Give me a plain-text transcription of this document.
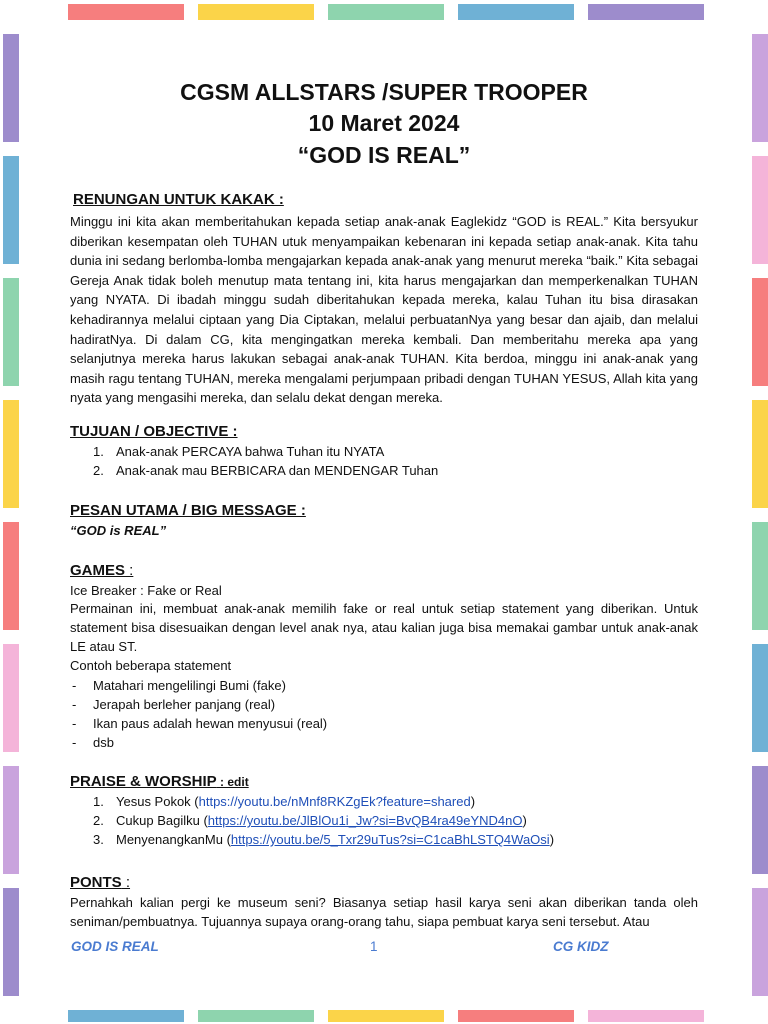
CGSM ALLSTARS /SUPER TROOPER
10 Maret 2024
“GOD IS REAL”
RENUNGAN UNTUK KAKAK :
Minggu ini kita akan memberitahukan kepada setiap anak-anak Eaglekidz “GOD is REAL.” Kita bersyukur diberikan kesempatan oleh TUHAN utuk menyampaikan kebenaran ini kepada setiap anak-anak. Kita tahu dunia ini sedang berlomba-lomba mengajarkan kepada anak-anak yang menurut mereka “baik.” Kita sebagai Gereja Anak tidak boleh menutup mata tentang ini, kita harus mengajarkan dan memperkenalkan TUHAN yang NYATA. Di ibadah minggu sudah diberitahukan kepada mereka, kalau Tuhan itu bisa dirasakan kehadirannya melalui ciptaan yang Dia Ciptakan, melalui perbuatanNya yang besar dan ajaib, dan melalui hadiratNya. Di dalam CG, kita mengingatkan mereka kembali. Dan memberitahu mereka apa yang selanjutnya mereka harus lakukan sebagai anak-anak TUHAN. Kita berdoa, minggu ini anak-anak yang masih ragu tentang TUHAN, mereka mengalami perjumpaan pribadi dengan TUHAN YESUS, Allah kita yang nyata yang mengasihi mereka, dan selalu dekat dengan mereka.
TUJUAN / OBJECTIVE :
1. Anak-anak PERCAYA bahwa Tuhan itu NYATA
2. Anak-anak mau BERBICARA dan MENDENGAR Tuhan
PESAN UTAMA / BIG MESSAGE :
“GOD is REAL”
GAMES :
Ice Breaker : Fake or Real
Permainan ini, membuat anak-anak memilih fake or real untuk setiap statement yang diberikan. Untuk statement bisa disesuaikan dengan level anak nya, atau kalian juga bisa memakai gambar untuk anak-anak LE atau ST.
Contoh beberapa statement
- Matahari mengelilingi Bumi (fake)
- Jerapah berleher panjang (real)
- Ikan paus adalah hewan menyusui (real)
- dsb
PRAISE & WORSHIP : edit
1. Yesus Pokok (https://youtu.be/nMnf8RKZgEk?feature=shared)
2. Cukup Bagilku (https://youtu.be/JlBlOu1i_Jw?si=BvQB4ra49eYND4nO)
3. MenyenangkanMu (https://youtu.be/5_Txr29uTus?si=C1caBhLSTQ4WaOsi)
PONTS :
Pernahkah kalian pergi ke museum seni? Biasanya setiap hasil karya seni akan diberikan tanda oleh seniman/pembuatnya. Tujuannya supaya orang-orang tahu, siapa pembuat karya seni tersebut. Atau
GOD IS REAL	1	CG KIDZ
